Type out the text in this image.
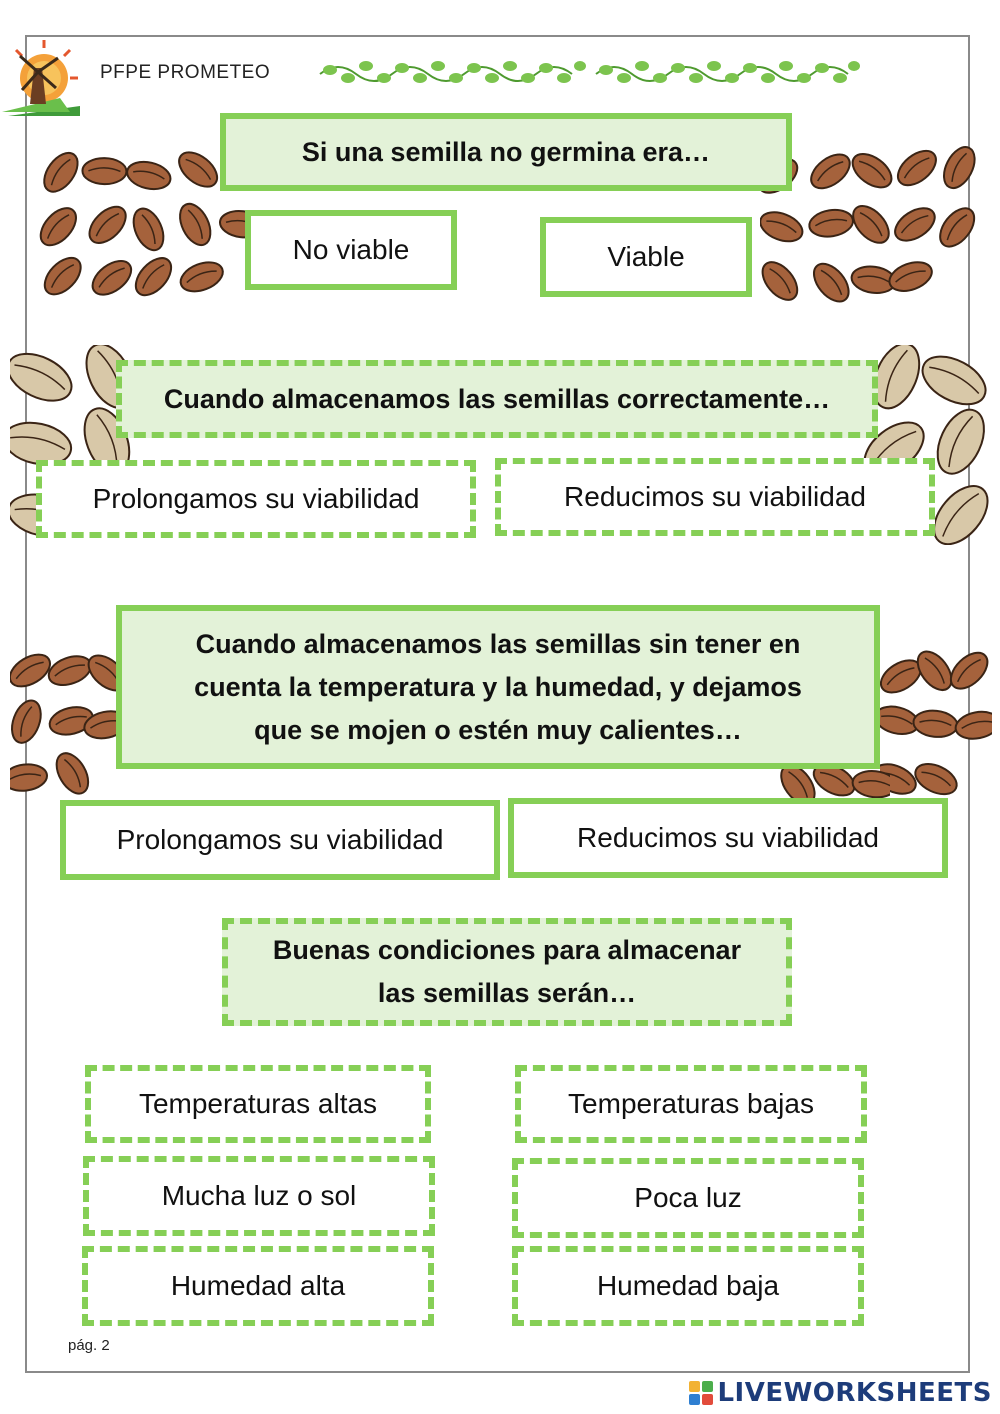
PFPE PROMETEO
Si una semilla no germina era…
No viable	Viable
Cuando almacenamos las semillas correctamente…
Prolongamos su viabilidad	Reducimos su viabilidad
Cuando almacenamos las semillas sin tener en
cuenta la temperatura y la humedad, y dejamos
que se mojen o estén muy calientes…
Prolongamos su viabilidad	Reducimos su viabilidad
Buenas condiciones para almacenar
las semillas serán…
Temperaturas altas
Mucha luz o sol
Humedad alta
Temperaturas bajas
Poca luz
Humedad baja
pág. 2
LIVEWORKSHEETS
